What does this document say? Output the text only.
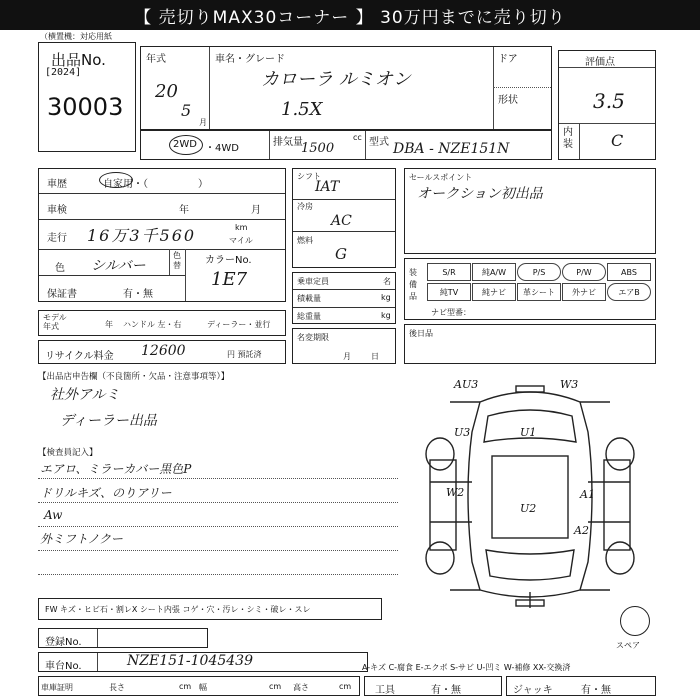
【 売切りMAX30コーナー 】 30万円までに売り切り
（横置機：対応用紙
出品No.
[2024]
30003
年式
20
5
月
車名・グレード
カローラ ルミオン
1.5X
ドア
形状
評価点
3.5
内装 C
2WD ・4WD
排気量	cc
1500	型式 DBA - NZE151N
車歴	自家用・（　　　　　）
車検	年	月
走行 16万3千560	km
マイル
色 シルバー
色替 カラーNo.
保証書	有・無
1E7
モデル年式	年 ハンドル 左・右	ディーラー・並行
リサイクル料金 12600	円 預託済
シフト
IAT
冷房
AC
燃料
G
乗車定員	名
積載量	kg
総重量	kg
名変期限
月日
セールスポイント
オークション初出品
装備品
ナビ型番：
S/R	純A/W	P/S	P/W	ABS
純TV	純ナビ	革シート	外ナビ	エアB
後日品
【出品店申告欄（不良箇所・欠品・注意事項等）】
社外アルミ
ディーラー出品
【検査員記入】
エアロ、ミラーカバー黒色P
ドリルキズ、のりアリー
Aw
外ミフトノクー
AU3	W3
U1
U3
W2
U2
A1
A2
スペア
FW キズ・ヒビ石・割レX シート内張 コゲ・穴・汚レ・シミ・破レ・スレ
登録No.
車台No.	NZE151-1045439	A-キズ C-腐食 E-エクボ S-サビ U-凹ミ W-補修 XX-交換済
車庫証明	長さ	cm 幅	cm 高さ	cm 工具	有・無	ジャッキ	有・無
